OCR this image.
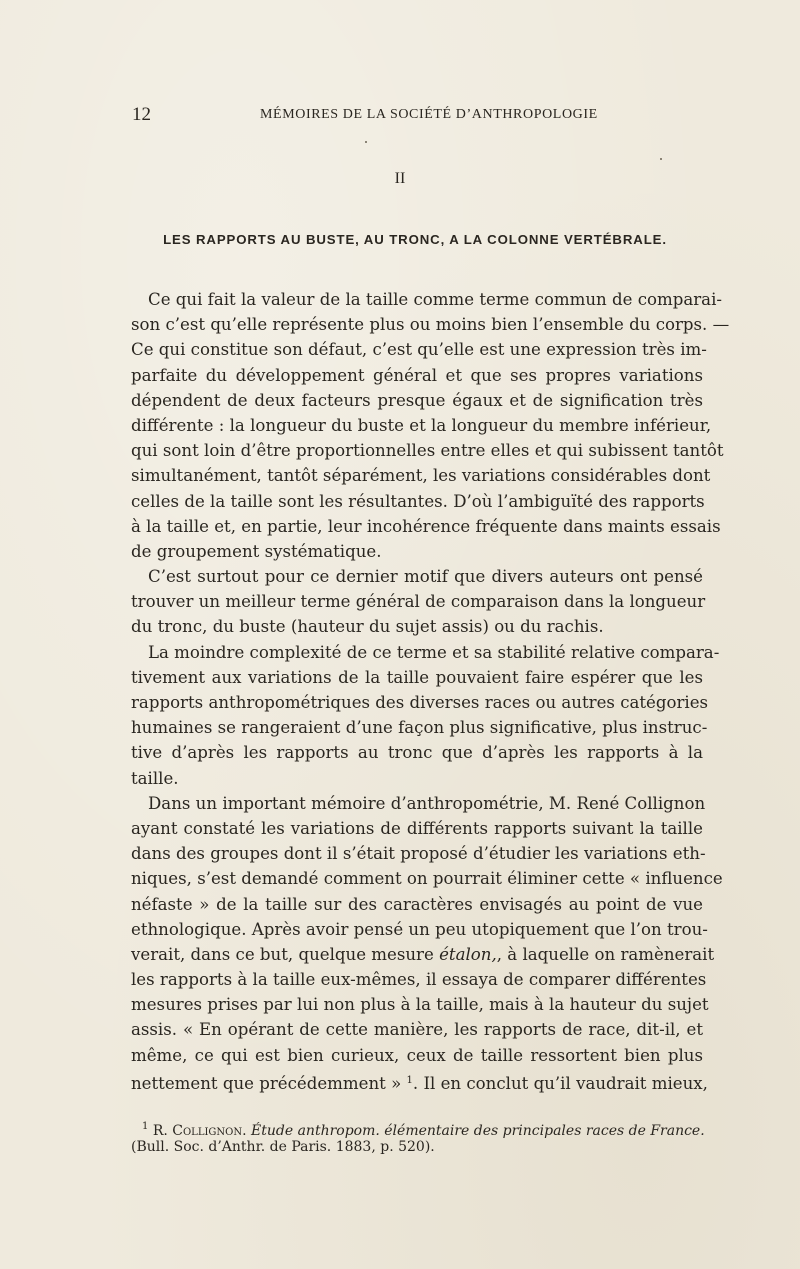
12	MÉMOIRES DE LA SOCIÉTÉ D’ANTHROPOLOGIE
II
LES RAPPORTS AU BUSTE, AU TRONC, A LA COLONNE VERTÉBRALE.
Ce qui fait la valeur de la taille comme terme commun de comparai-
son c’est qu’elle représente plus ou moins bien l’ensemble du corps. —
Ce qui constitue son défaut, c’est qu’elle est une expression très im-
parfaite du développement général et que ses propres variations
dépendent de deux facteurs presque égaux et de signification très
différente : la longueur du buste et la longueur du membre inférieur,
qui sont loin d’être proportionnelles entre elles et qui subissent tantôt
simultanément, tantôt séparément, les variations considérables dont
celles de la taille sont les résultantes. D’où l’ambiguïté des rapports
à la taille et, en partie, leur incohérence fréquente dans maints essais
de groupement systématique.
C’est surtout pour ce dernier motif que divers auteurs ont pensé
trouver un meilleur terme général de comparaison dans la longueur
du tronc, du buste (hauteur du sujet assis) ou du rachis.
La moindre complexité de ce terme et sa stabilité relative compara-
tivement aux variations de la taille pouvaient faire espérer que les
rapports anthropométriques des diverses races ou autres catégories
humaines se rangeraient d’une façon plus significative, plus instruc-
tive d’après les rapports au tronc que d’après les rapports à la
taille.
Dans un important mémoire d’anthropométrie, M. René Collignon
ayant constaté les variations de différents rapports suivant la taille
dans des groupes dont il s’était proposé d’étudier les variations eth-
niques, s’est demandé comment on pourrait éliminer cette « influence
néfaste » de la taille sur des caractères envisagés au point de vue
ethnologique. Après avoir pensé un peu utopiquement que l’on trou-
verait, dans ce but, quelque mesure étalon,, à laquelle on ramènerait
les rapports à la taille eux-mêmes, il essaya de comparer différentes
mesures prises par lui non plus à la taille, mais à la hauteur du sujet
assis. « En opérant de cette manière, les rapports de race, dit-il, et
même, ce qui est bien curieux, ceux de taille ressortent bien plus
nettement que précédemment » $^1$. Il en conclut qu’il vaudrait mieux,
$^1$ R. Collignon. Étude anthropom. élémentaire des principales races de France.
(Bull. Soc. d’Anthr. de Paris. 1883, p. 520).
